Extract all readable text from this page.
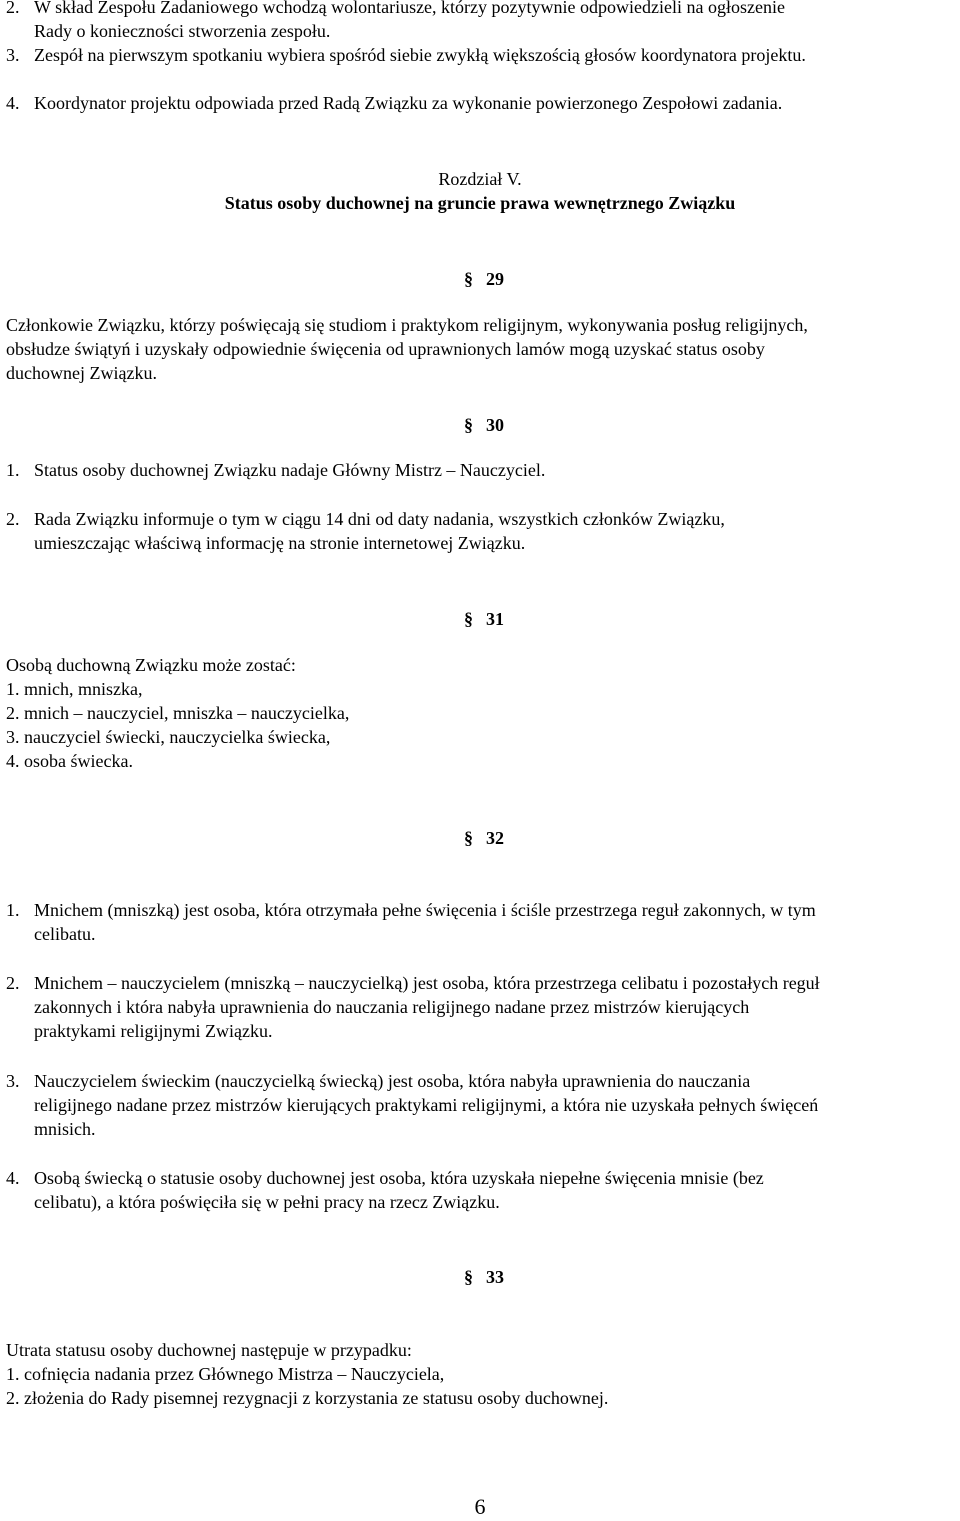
2. W skład Zespołu Zadaniowego wchodzą wolontariusze, którzy pozytywnie odpowiedzieli na ogłoszenie
Rady o konieczności stworzenia zespołu.
3. Zespół na pierwszym spotkaniu wybiera spośród siebie zwykłą większością głosów koordynatora projektu.
4. Koordynator projektu odpowiada przed Radą Związku za wykonanie powierzonego Zespołowi zadania.
Rozdział V.
Status osoby duchownej na gruncie prawa wewnętrznego Związku
§ 29
Członkowie Związku, którzy poświęcają się studiom i praktykom religijnym, wykonywania posług religijnych,
obsłudze świątyń i uzyskały odpowiednie święcenia od uprawnionych lamów mogą uzyskać status osoby
duchownej Związku.
§ 30
1. Status osoby duchownej Związku nadaje Główny Mistrz – Nauczyciel.
2. Rada Związku informuje o tym w ciągu 14 dni od daty nadania, wszystkich członków Związku,
umieszczając właściwą informację na stronie internetowej Związku.
§ 31
Osobą duchowną Związku może zostać:
1. mnich, mniszka,
2. mnich – nauczyciel, mniszka – nauczycielka,
3. nauczyciel świecki, nauczycielka świecka,
4. osoba świecka.
§ 32
1. Mnichem (mniszką) jest osoba, która otrzymała pełne święcenia i ściśle przestrzega reguł zakonnych, w tym
celibatu.
2. Mnichem – nauczycielem (mniszką – nauczycielką) jest osoba, która przestrzega celibatu i pozostałych reguł
zakonnych i która nabyła uprawnienia do nauczania religijnego nadane przez mistrzów kierujących
praktykami religijnymi Związku.
3. Nauczycielem świeckim (nauczycielką świecką) jest osoba, która nabyła uprawnienia do nauczania
religijnego nadane przez mistrzów kierujących praktykami religijnymi, a która nie uzyskała pełnych święceń
mnisich.
4. Osobą świecką o statusie osoby duchownej jest osoba, która uzyskała niepełne święcenia mnisie (bez
celibatu), a która poświęciła się w pełni pracy na rzecz Związku.
§ 33
Utrata statusu osoby duchownej następuje w przypadku:
1. cofnięcia nadania przez Głównego Mistrza – Nauczyciela,
2. złożenia do Rady pisemnej rezygnacji z korzystania ze statusu osoby duchownej.
6
